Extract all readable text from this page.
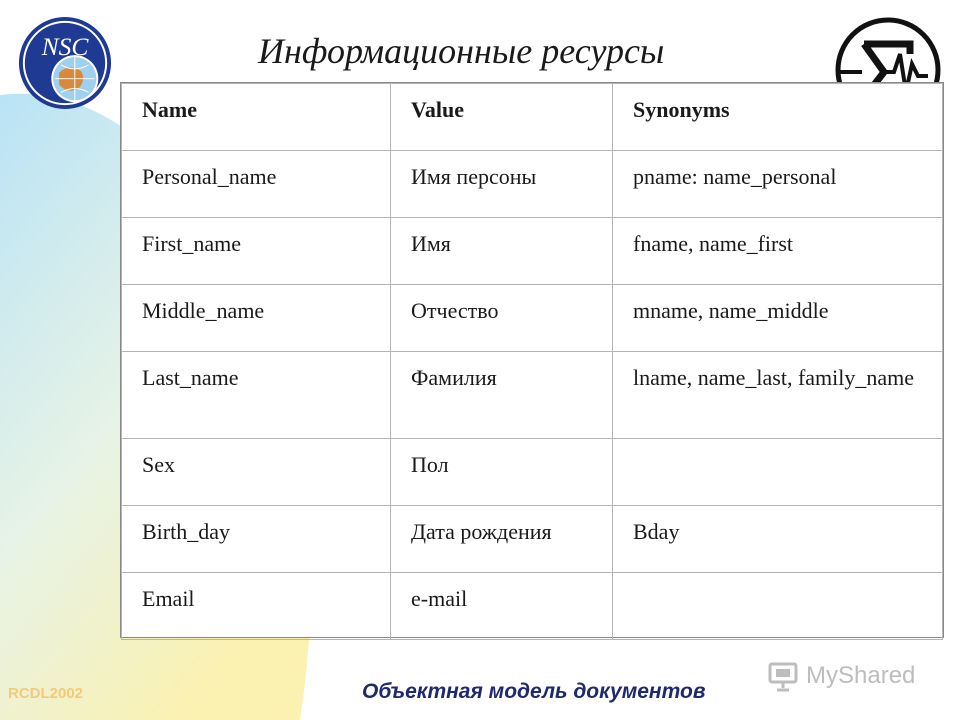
NSC	Информационные ресурсы
Name	Value	Synonyms
Personal_name	Имя персоны	pname: name_personal
First_name	Имя	fname, name_first
Middle_name	Отчество	mname, name_middle
Last_name	Фамилия	lname, name_last, family_name
Sex	Пол	
Birth_day	Дата рождения	Bday
Email	e-mail	
MyShared
RCDL2002	Объектная модель документов
